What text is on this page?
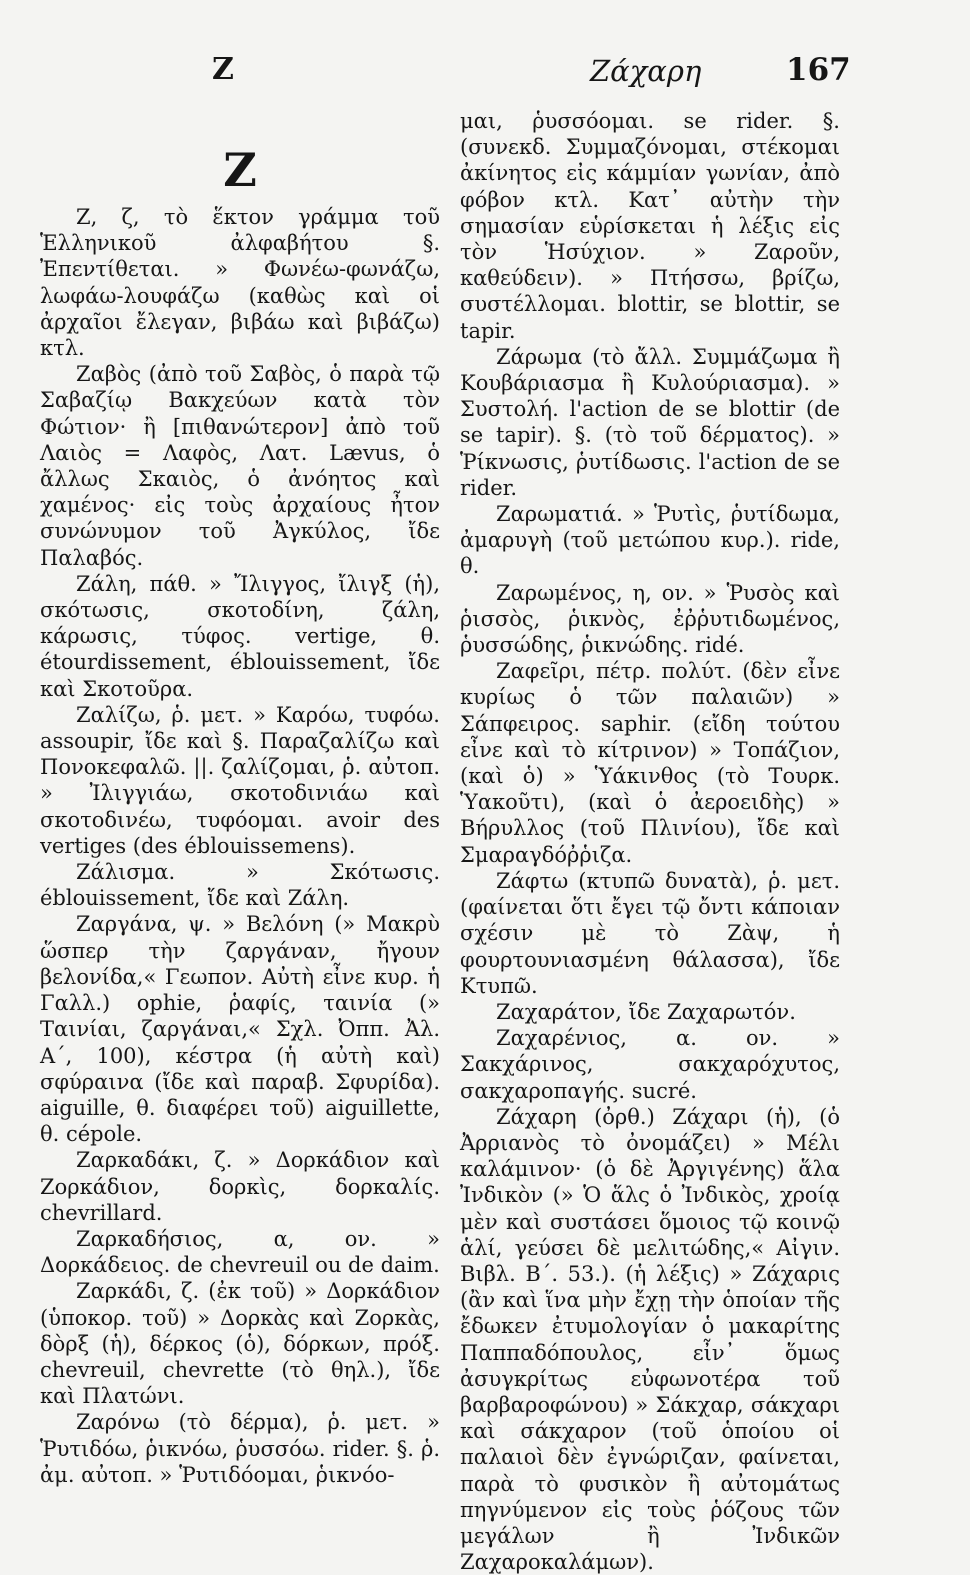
Z	Ζάχαρη	167
Z

Ζ, ζ, τὸ ἕκτον γράμμα τοῦ Ἑλληνικοῦ ἀλφαβήτου §. Ἐπεντίθεται. » Φωνέω-φωνάζω, λωφάω-λουφάζω (καθὼς καὶ οἱ ἀρχαῖοι ἔλεγαν, βιβάω καὶ βιβάζω) κτλ.

Ζαβὸς (ἀπὸ τοῦ Σαβὸς, ὁ παρὰ τῷ Σαβαζίῳ Βακχεύων κατὰ τὸν Φώτιον· ἢ [πιθανώτερον] ἀπὸ τοῦ Λαιὸς = Λαφὸς, Λατ. Lævus, ὁ ἄλλως Σκαιὸς, ὁ ἀνόητος καὶ χαμένος· εἰς τοὺς ἀρχαίους ἦτον συνώνυμον τοῦ Ἀγκύλος, ἴδε Παλαβός.

Ζάλη, πάθ. » Ἴλιγγος, ἴλιγξ (ἡ), σκότωσις, σκοτοδίνη, ζάλη, κάρωσις, τύφος. vertige, θ. étourdissement, éblouissement, ἴδε καὶ Σκοτοῦρα.

Ζαλίζω, ῥ. μετ. » Καρόω, τυφόω. assoupir, ἴδε καὶ §. Παραζαλίζω καὶ Πονοκεφαλῶ. ||. ζαλίζομαι, ῥ. αὐτοπ. » Ἰλιγγιάω, σκοτοδινιάω καὶ σκοτοδινέω, τυφόομαι. avoir des vertiges (des éblouissemens).

Ζάλισμα. » Σκότωσις. éblouissement, ἴδε καὶ Ζάλη.

Ζαργάνα, ψ. » Βελόνη (» Μακρὺ ὥσπερ τὴν ζαργάναν, ἤγουν βελονίδα,« Γεωπον. Αὐτὴ εἶνε κυρ. ἡ Γαλλ.) ophie, ῥαφίς, ταινία (» Ταινίαι, ζαργάναι,« Σχλ. Ὀππ. Ἀλ. Α΄, 100), κέστρα (ἡ αὐτὴ καὶ) σφύραινα (ἴδε καὶ παραβ. Σφυρίδα). aiguille, θ. διαφέρει τοῦ) aiguillette, θ. cépole.

Ζαρκαδάκι, ζ. » Δορκάδιον καὶ Ζορκάδιον, δορκὶς, δορκαλίς. chevrillard.

Ζαρκαδήσιος, α, ον. » Δορκάδειος. de chevreuil ou de daim.

Ζαρκάδι, ζ. (ἐκ τοῦ) » Δορκάδιον (ὑποκορ. τοῦ) » Δορκὰς καὶ Ζορκὰς, δὸρξ (ἡ), δέρκος (ὁ), δόρκων, πρόξ. chevreuil, chevrette (τὸ θηλ.), ἴδε καὶ Πλατώνι.

Ζαρόνω (τὸ δέρμα), ῥ. μετ. » Ῥυτιδόω, ῥικνόω, ῥυσσόω. rider. §. ῥ. ἀμ. αὐτοπ. » Ῥυτιδόομαι, ῥικνόο-

μαι, ῥυσσόομαι. se rider. §. (συνεκδ. Συμμαζόνομαι, στέκομαι ἀκίνητος εἰς κάμμίαν γωνίαν, ἀπὸ φόβον κτλ. Κατ᾽ αὐτὴν τὴν σημασίαν εὑρίσκεται ἡ λέξις εἰς τὸν Ἡσύχιον. » Ζαροῦν, καθεύδειν). » Πτήσσω, βρίζω, συστέλλομαι. blottir, se blottir, se tapir.

Ζάρωμα (τὸ ἄλλ. Συμμάζωμα ἢ Κουβάριασμα ἢ Κυλούριασμα). » Συστολή. l'action de se blottir (de se tapir). §. (τὸ τοῦ δέρματος). » Ῥίκνωσις, ῥυτίδωσις. l'action de se rider.

Ζαρωματιά. » Ῥυτὶς, ῥυτίδωμα, ἀμαρυγὴ (τοῦ μετώπου κυρ.). ride, θ.

Ζαρωμένος, η, ον. » Ῥυσὸς καὶ ῥισσὸς, ῥικνὸς, ἐῤῥυτιδωμένος, ῥυσσώδης, ῥικνώδης. ridé.

Ζαφεῖρι, πέτρ. πολύτ. (δὲν εἶνε κυρίως ὁ τῶν παλαιῶν) » Σάπφειρος. saphir. (εἴδη τούτου εἶνε καὶ τὸ κίτρινον) » Τοπάζιον, (καὶ ὁ) » Ὑάκινθος (τὸ Τουρκ. Ὑακοῦτι), (καὶ ὁ ἀεροειδὴς) » Βήρυλλος (τοῦ Πλινίου), ἴδε καὶ Σμαραγδόῤῥιζα.

Ζάφτω (κτυπῶ δυνατὰ), ῥ. μετ. (φαίνεται ὅτι ἔγει τῷ ὄντι κάποιαν σχέσιν μὲ τὸ Ζὰψ, ἡ φουρτουνιασμένη θάλασσα), ἴδε Κτυπῶ.

Ζαχαράτον, ἴδε Ζαχαρωτόν.

Ζαχαρένιος, α. ον. » Σακχάρινος, σακχαρόχυτος, σακχαροπαγής. sucré.

Ζάχαρη (ὀρθ.) Ζάχαρι (ἡ), (ὁ Ἀρριανὸς τὸ ὀνομάζει) » Μέλι καλάμινον· (ὁ δὲ Ἀργιγένης) ἅλα Ἰνδικὸν (» Ὁ ἅλς ὁ Ἰνδικὸς, χροίᾳ μὲν καὶ συστάσει ὅμοιος τῷ κοινῷ ἁλί, γεύσει δὲ μελιτώδης,« Αἰγιν. Βιβλ. Β΄. 53.). (ἡ λέξις) » Ζάχαρις (ἂν καὶ ἵνα μὴν ἔχῃ τὴν ὁποίαν τῆς ἔδωκεν ἐτυμολογίαν ὁ μακαρίτης Παππαδόπουλος, εἶν᾽ ὅμως ἀσυγκρίτως εὐφωνοτέρα τοῦ βαρβαροφώνου) » Σάκχαρ, σάκχαρι καὶ σάκχαρον (τοῦ ὁποίου οἱ παλαιοὶ δὲν ἐγνώριζαν, φαίνεται, παρὰ τὸ φυσικὸν ἢ αὐτομάτως πηγνύμενον εἰς τοὺς ῥόζους τῶν μεγάλων ἢ Ἰνδικῶν Ζαχαροκαλάμων).
